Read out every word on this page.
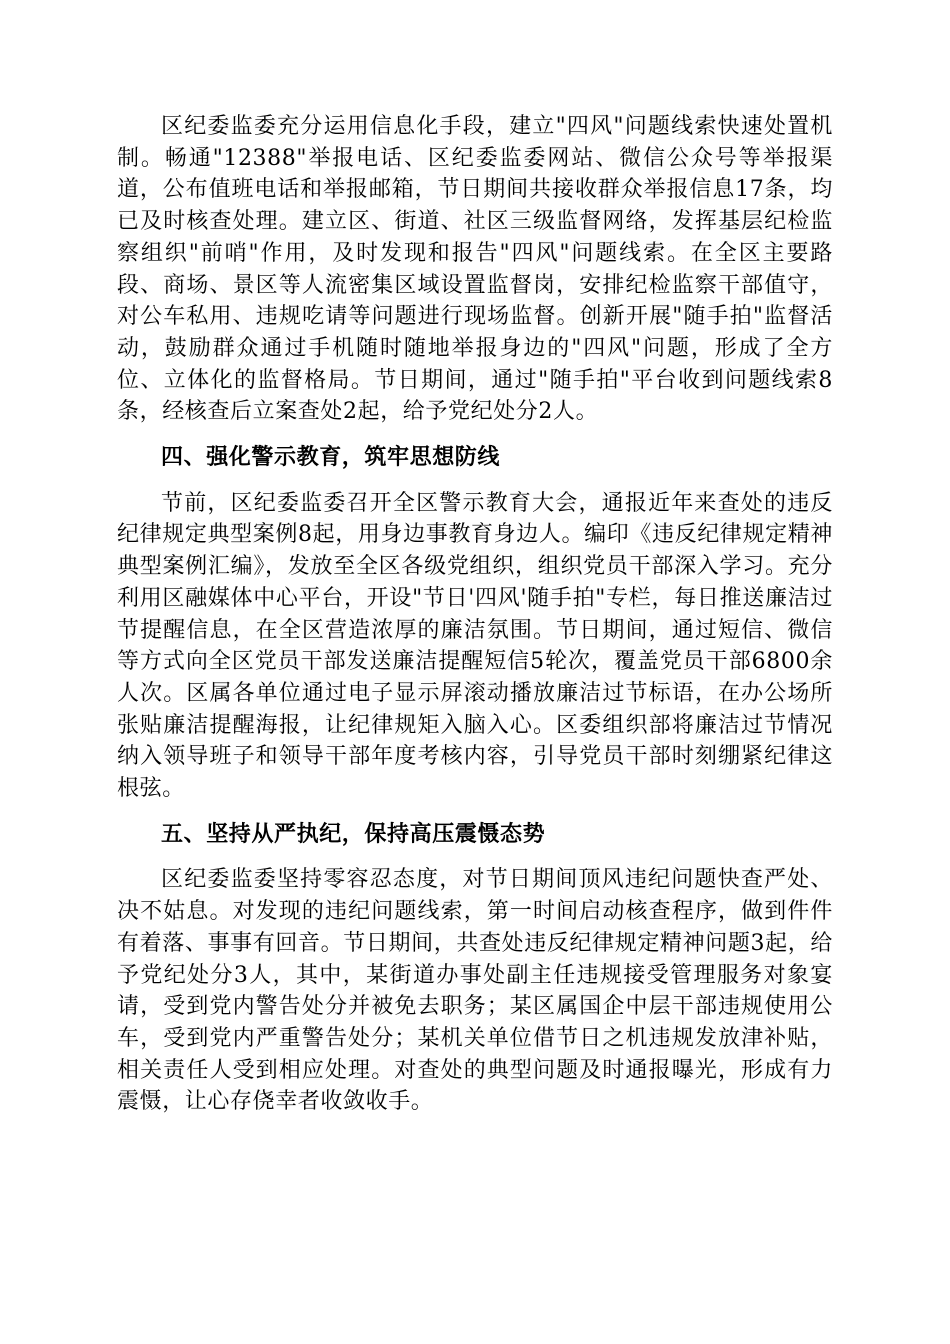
区纪委监委充分运用信息化手段，建立"四风"问题线索快速处置机制。畅通"12388"举报电话、区纪委监委网站、微信公众号等举报渠道，公布值班电话和举报邮箱，节日期间共接收群众举报信息17条，均已及时核查处理。建立区、街道、社区三级监督网络，发挥基层纪检监察组织"前哨"作用，及时发现和报告"四风"问题线索。在全区主要路段、商场、景区等人流密集区域设置监督岗，安排纪检监察干部值守，对公车私用、违规吃请等问题进行现场监督。创新开展"随手拍"监督活动，鼓励群众通过手机随时随地举报身边的"四风"问题，形成了全方位、立体化的监督格局。节日期间，通过"随手拍"平台收到问题线索8条，经核查后立案查处2起，给予党纪处分2人。

四、强化警示教育，筑牢思想防线

节前，区纪委监委召开全区警示教育大会，通报近年来查处的违反纪律规定典型案例8起，用身边事教育身边人。编印《违反纪律规定精神典型案例汇编》，发放至全区各级党组织，组织党员干部深入学习。充分利用区融媒体中心平台，开设"节日'四风'随手拍"专栏，每日推送廉洁过节提醒信息，在全区营造浓厚的廉洁氛围。节日期间，通过短信、微信等方式向全区党员干部发送廉洁提醒短信5轮次，覆盖党员干部6800余人次。区属各单位通过电子显示屏滚动播放廉洁过节标语，在办公场所张贴廉洁提醒海报，让纪律规矩入脑入心。区委组织部将廉洁过节情况纳入领导班子和领导干部年度考核内容，引导党员干部时刻绷紧纪律这根弦。

五、坚持从严执纪，保持高压震慑态势

区纪委监委坚持零容忍态度，对节日期间顶风违纪问题快查严处、决不姑息。对发现的违纪问题线索，第一时间启动核查程序，做到件件有着落、事事有回音。节日期间，共查处违反纪律规定精神问题3起，给予党纪处分3人，其中，某街道办事处副主任违规接受管理服务对象宴请，受到党内警告处分并被免去职务；某区属国企中层干部违规使用公车，受到党内严重警告处分；某机关单位借节日之机违规发放津补贴，相关责任人受到相应处理。对查处的典型问题及时通报曝光，形成有力震慑，让心存侥幸者收敛收手。
